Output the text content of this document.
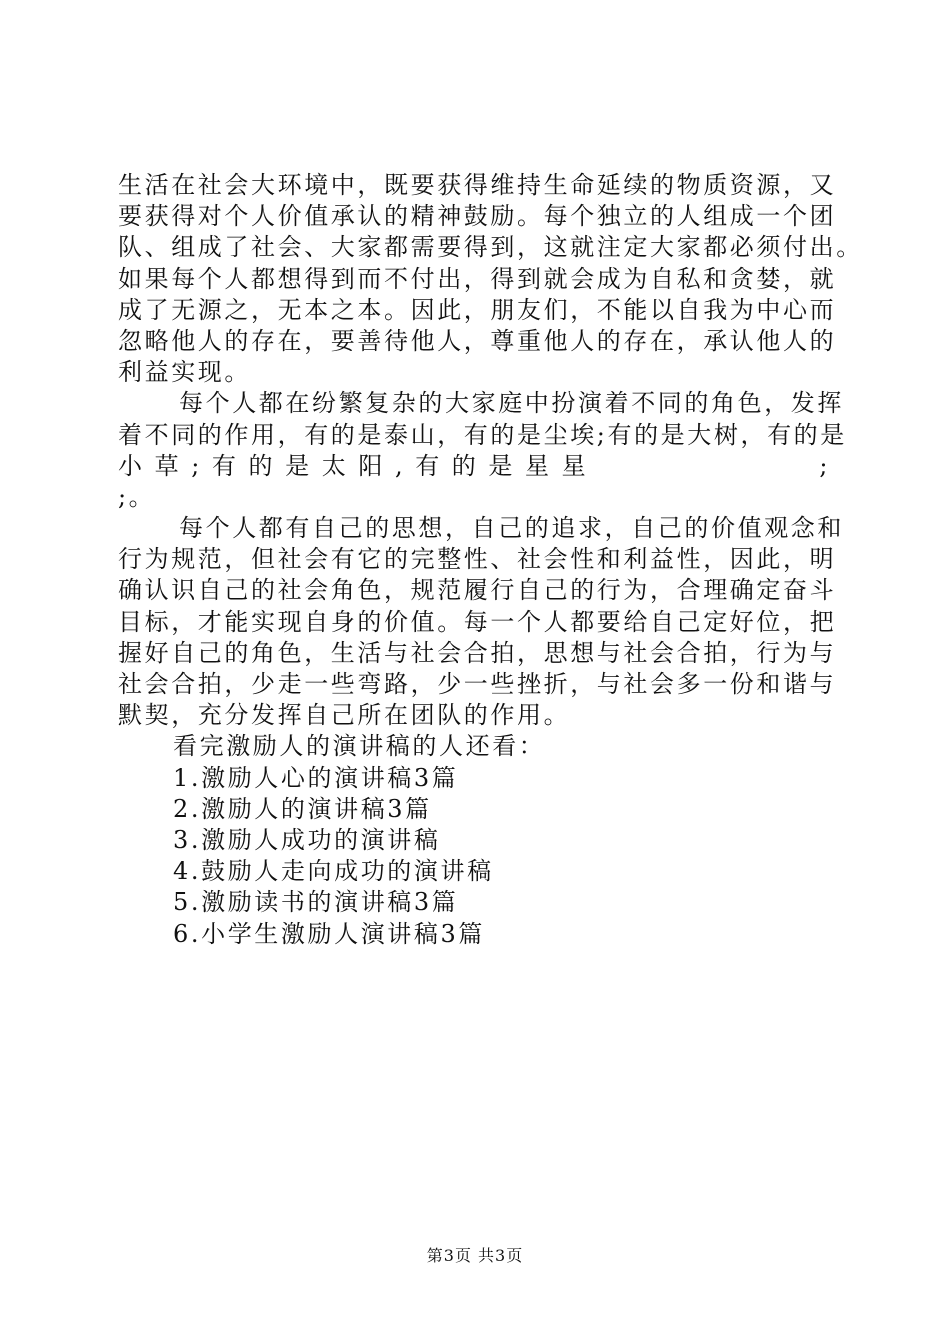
生活在社会大环境中，既要获得维持生命延续的物质资源，又
要获得对个人价值承认的精神鼓励。每个独立的人组成一个团
队、组成了社会、大家都需要得到，这就注定大家都必须付出。
如果每个人都想得到而不付出，得到就会成为自私和贪婪，就
成了无源之，无本之本。因此，朋友们，不能以自我为中心而
忽略他人的存在，要善待他人，尊重他人的存在，承认他人的
利益实现。
每个人都在纷繁复杂的大家庭中扮演着不同的角色，发挥
着不同的作用，有的是泰山，有的是尘埃;有的是大树，有的是
小 草 ; 有 的 是 太 阳 , 有 的 是 星 星	;
;。
每个人都有自己的思想，自己的追求，自己的价值观念和
行为规范，但社会有它的完整性、社会性和利益性，因此，明
确认识自己的社会角色，规范履行自己的行为，合理确定奋斗
目标，才能实现自身的价值。每一个人都要给自己定好位，把
握好自己的角色，生活与社会合拍，思想与社会合拍，行为与
社会合拍，少走一些弯路，少一些挫折，与社会多一份和谐与
默契，充分发挥自己所在团队的作用。
看完激励人的演讲稿的人还看：
1.激励人心的演讲稿3篇
2.激励人的演讲稿3篇
3.激励人成功的演讲稿
4.鼓励人走向成功的演讲稿
5.激励读书的演讲稿3篇
6.小学生激励人演讲稿3篇
第3页 共3页
